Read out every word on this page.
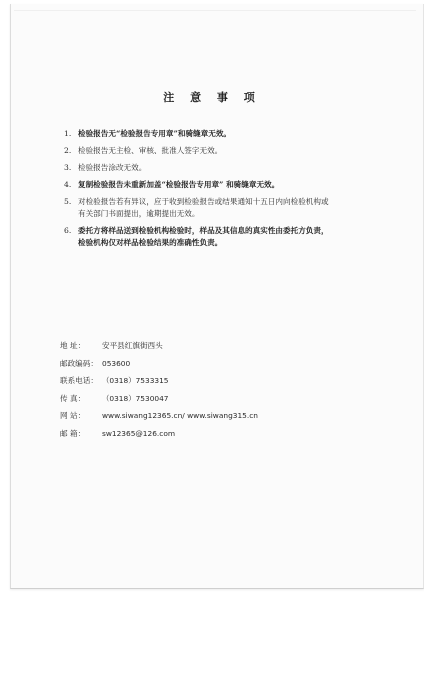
注 意 事 项
1. 检验报告无“检验报告专用章”和骑缝章无效。
2. 检验报告无主检、审核、批准人签字无效。
3. 检验报告涂改无效。
4. 复制检验报告未重新加盖“检验报告专用章” 和骑缝章无效。
5. 对检验报告若有异议，应于收到检验报告或结果通知十五日内向检验机构或
有关部门书面提出，逾期提出无效。
6. 委托方将样品送到检验机构检验时，样品及其信息的真实性由委托方负责，
检验机构仅对样品检验结果的准确性负责。
地 址：	安平县红旗街西头
邮政编码： 053600
联系电话： （0318）7533315
传 真：	（0318）7530047
网 站：	www.siwang12365.cn/ www.siwang315.cn
邮 箱：	sw12365@126.com
